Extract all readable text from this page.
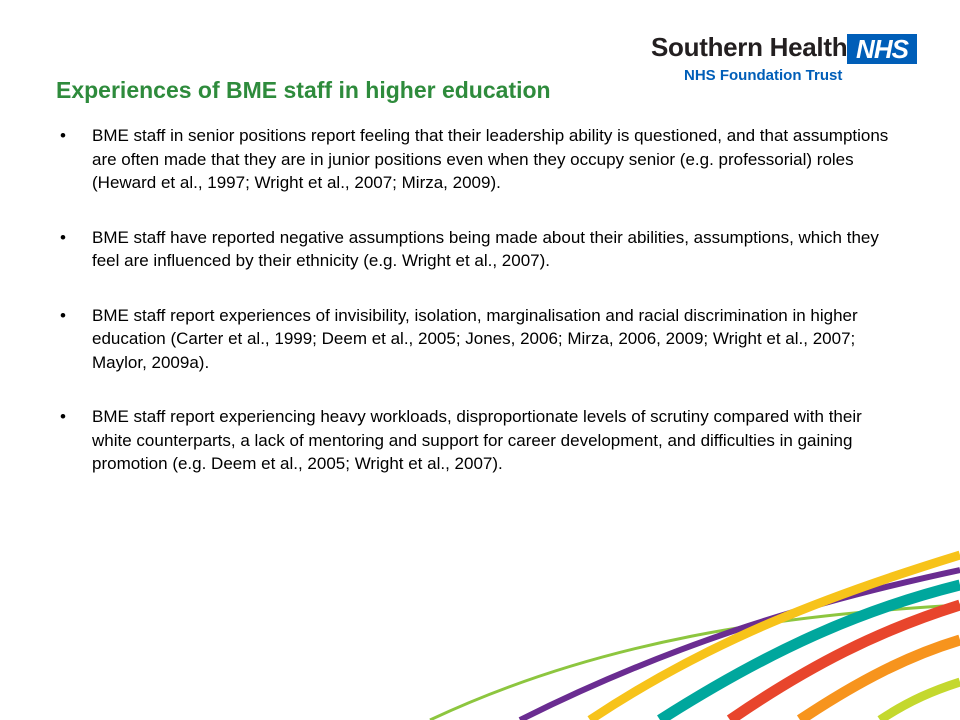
Southern Health NHS
NHS Foundation Trust
Experiences of BME staff in higher education
•	BME staff in senior positions report feeling that their leadership ability is questioned, and that assumptions are often made that they are in junior positions even when they occupy senior (e.g. professorial) roles (Heward et al., 1997; Wright et al., 2007; Mirza, 2009).
•	BME staff have reported negative assumptions being made about their abilities, assumptions, which they feel are influenced by their ethnicity (e.g. Wright et al., 2007).
•	BME staff report experiences of invisibility, isolation, marginalisation and racial discrimination in higher education (Carter et al., 1999; Deem et al., 2005; Jones, 2006; Mirza, 2006, 2009; Wright et al., 2007; Maylor, 2009a).
•	BME staff report experiencing heavy workloads, disproportionate levels of scrutiny compared with their white counterparts, a lack of mentoring and support for career development, and difficulties in gaining promotion (e.g. Deem et al., 2005; Wright et al., 2007).
